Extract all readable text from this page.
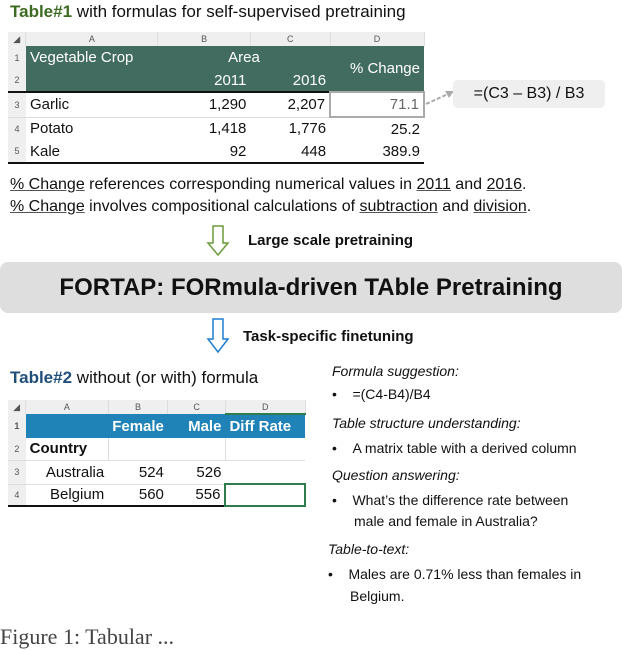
Table#1 with formulas for self-supervised pretraining
◢	A	B	C	D
1	Vegetable Crop	Area		% Change
2		2011	2016	
3	Garlic	1,290	2,207	71.1
4	Potato	1,418	1,776	25.2
5	Kale	92	448	389.9
=(C3 – B3) / B3
% Change references corresponding numerical values in 2011 and 2016.
% Change involves compositional calculations of subtraction and division.
Large scale pretraining
FORTAP: FORmula-driven TAble Pretraining
Task-specific finetuning
Table#2 without (or with) formula
◢	A	B	C	D
1		Female	Male	Diff Rate
2	Country			
3	Australia	524	526	
4	Belgium	560	556	
Formula suggestion:
•    =(C4-B4)/B4
Table structure understanding:
•    A matrix table with a derived column
Question answering:
•    What’s the difference rate between
male and female in Australia?
Table-to-text:
•    Males are 0.71% less than females in
Belgium.
Figure 1: Tabular ...
